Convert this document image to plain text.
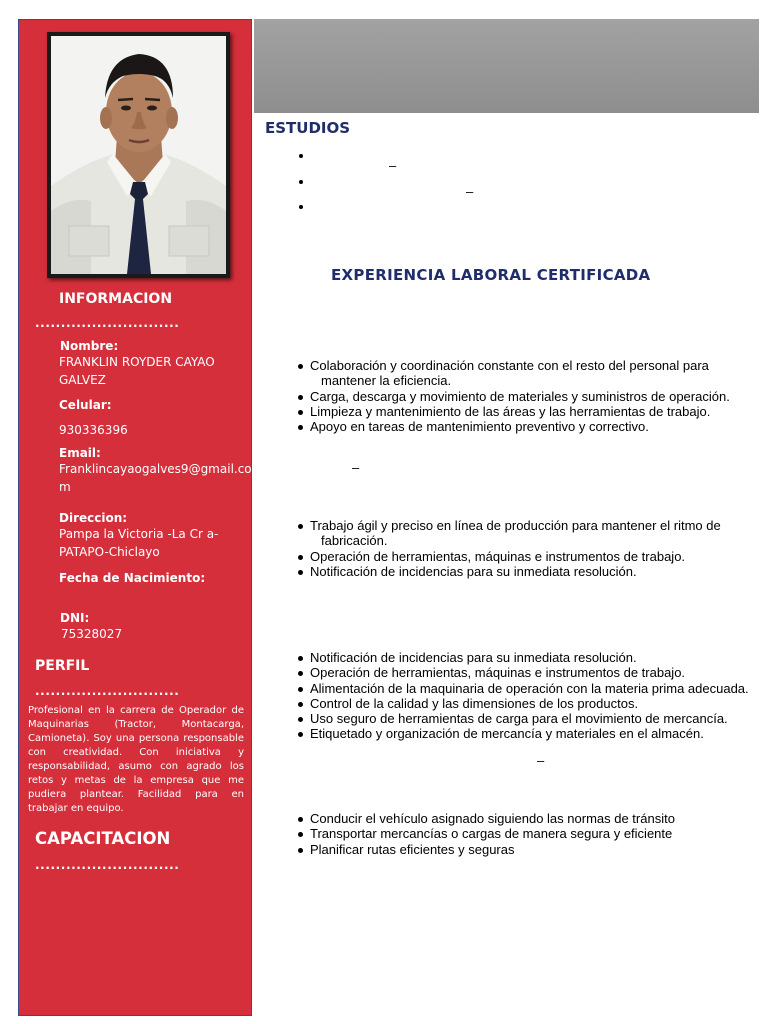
INFORMACION
............................
Nombre:
FRANKLIN ROYDER CAYAO
GALVEZ
Celular:
930336396
Email:
Franklincayaogalves9@gmail.co
m
Direccion:
Pampa la Victoria -La Cr a-
PATAPO-Chiclayo
Fecha de Nacimiento:
DNI:
75328027
PERFIL
............................
Profesional en la carrera de Operador de Maquinarias (Tractor, Montacarga, Camioneta). Soy una persona responsable con creatividad. Con iniciativa y responsabilidad, asumo con agrado los retos y metas de la empresa que me pudiera plantear. Facilidad para en trabajar en equipo.
CAPACITACION
............................
ESTUDIOS
–
–
EXPERIENCIA LABORAL CERTIFICADA
Colaboración y coordinación constante con el resto del personal para
mantener la eficiencia.
Carga, descarga y movimiento de materiales y suministros de operación.
Limpieza y mantenimiento de las áreas y las herramientas de trabajo.
Apoyo en tareas de mantenimiento preventivo y correctivo.
–
Trabajo ágil y preciso en línea de producción para mantener el ritmo de
fabricación.
Operación de herramientas, máquinas e instrumentos de trabajo.
Notificación de incidencias para su inmediata resolución.
Notificación de incidencias para su inmediata resolución.
Operación de herramientas, máquinas e instrumentos de trabajo.
Alimentación de la maquinaria de operación con la materia prima adecuada.
Control de la calidad y las dimensiones de los productos.
Uso seguro de herramientas de carga para el movimiento de mercancía.
Etiquetado y organización de mercancía y materiales en el almacén.
–
Conducir el vehículo asignado siguiendo las normas de tránsito
Transportar mercancías o cargas de manera segura y eficiente
Planificar rutas eficientes y seguras
